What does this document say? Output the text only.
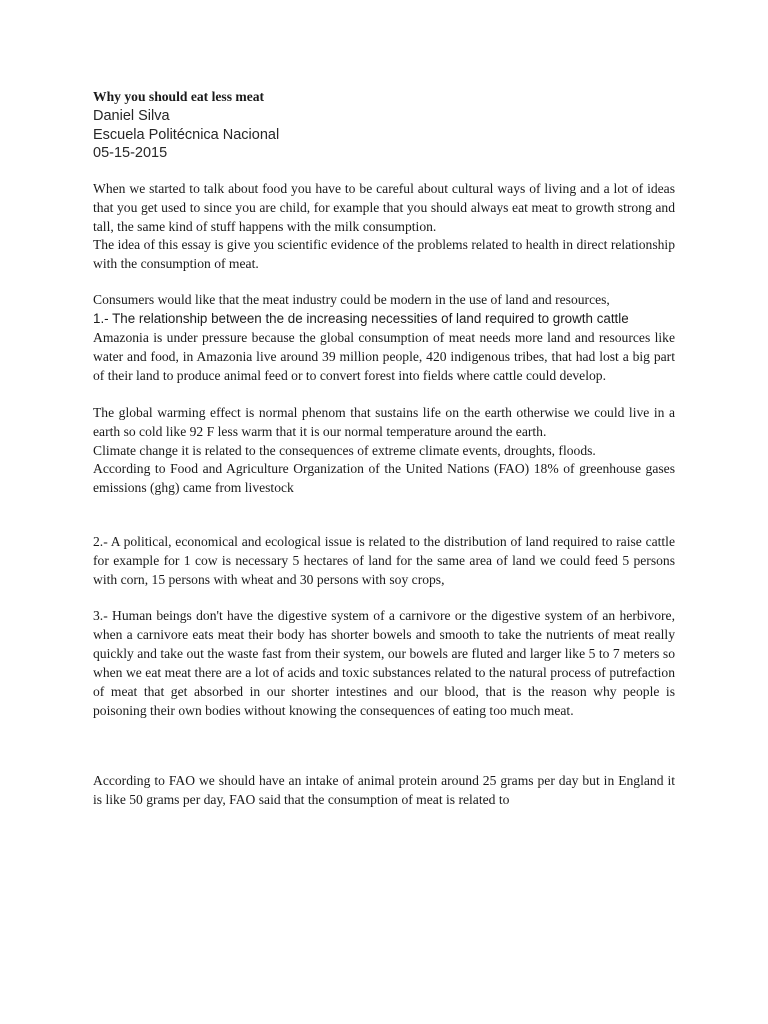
Why you should eat less meat

Daniel Silva

Escuela Politécnica Nacional

05-15-2015

When we started to talk about food you have to be careful about cultural ways of living and a lot of ideas that you get used to since you are child, for example that you should always eat meat to growth strong and tall, the same kind of stuff happens with the milk consumption.

The idea of this essay is give you scientific evidence of the problems related to health in direct relationship with the consumption of meat.

Consumers would like that the meat industry could be modern in the use of land and resources,

1.- The relationship between the de increasing necessities of land required to growth cattle

Amazonia is under pressure because the global consumption of meat needs more land and resources like water and food, in Amazonia live around 39 million people, 420 indigenous tribes, that had lost a big part of their land to produce animal feed or to convert forest into fields where cattle could develop.

The global warming effect is normal phenom that sustains life on the earth otherwise we could live in a earth so cold like 92 F less warm that it is our normal temperature around the earth.

Climate change it is related to the consequences of extreme climate events, droughts, floods.

According to Food and Agriculture Organization of the United Nations (FAO) 18% of greenhouse gases emissions (ghg) came from livestock

2.- A political, economical and ecological issue is related to the distribution of land required to raise cattle for example for 1 cow is necessary 5 hectares of land for the same area of land we could feed 5 persons with corn, 15 persons with wheat and 30 persons with soy crops,

3.- Human beings don't have the digestive system of a carnivore or the digestive system of an herbivore, when a carnivore eats meat their body has shorter bowels and smooth to take the nutrients of meat really quickly and take out the waste fast from their system, our bowels are fluted and larger like 5 to 7 meters so when we eat meat there are a lot of acids and toxic substances related to the natural process of putrefaction of meat that get absorbed in our shorter intestines and our blood, that is the reason why people is poisoning their own bodies without knowing the consequences of eating too much meat.

According to FAO we should have an intake of animal protein around 25 grams per day but in England it is like 50 grams per day, FAO said that the consumption of meat is related to
